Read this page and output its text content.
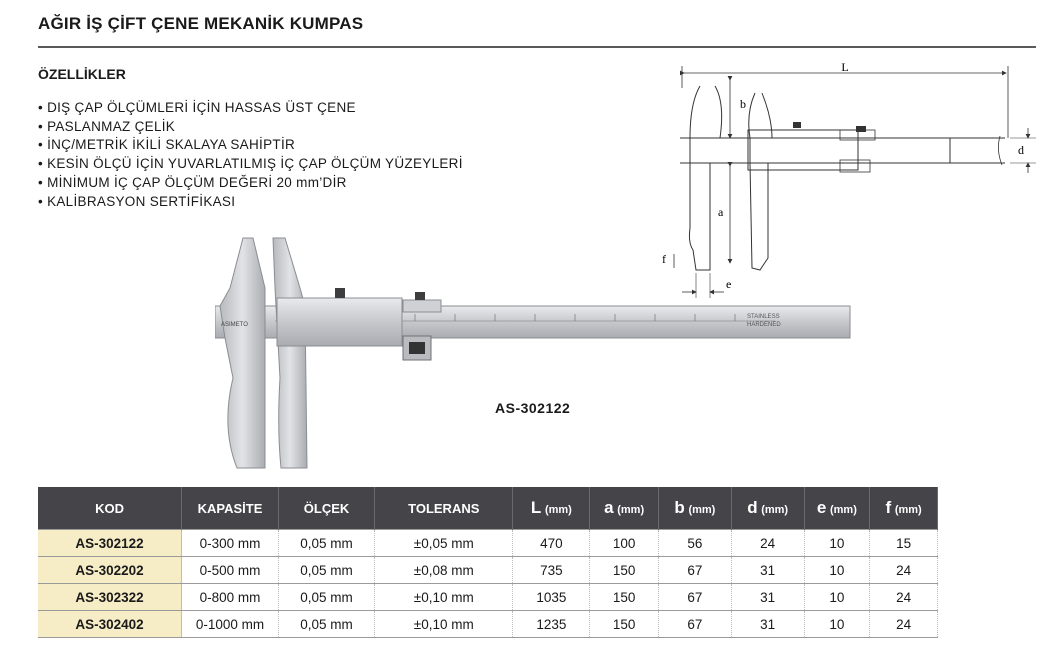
AĞIR İŞ ÇİFT ÇENE MEKANİK KUMPAS
ÖZELLİKLER
• DIŞ ÇAP ÖLÇÜMLERİ İÇİN HASSAS ÜST ÇENE
• PASLANMAZ ÇELİK
• İNÇ/METRİK İKİLİ SKALAYA SAHİPTİR
• KESİN ÖLÇÜ İÇİN YUVARLATILMIŞ İÇ ÇAP ÖLÇÜM YÜZEYLERİ
• MİNİMUM İÇ ÇAP ÖLÇÜM DEĞERİ 20 mm’DİR
• KALİBRASYON SERTİFİKASI
L
b
a
d
f
e
STAINLESS
HARDENED
ASIMETO
AS-302122
KOD	KAPASİTE	ÖLÇEK	TOLERANS	L (mm)	a (mm)	b (mm)	d (mm)	e (mm)	f (mm)
AS-302122	0-300 mm	0,05 mm	±0,05 mm	470	100	56	24	10	15
AS-302202	0-500 mm	0,05 mm	±0,08 mm	735	150	67	31	10	24
AS-302322	0-800 mm	0,05 mm	±0,10 mm	1035	150	67	31	10	24
AS-302402	0-1000 mm	0,05 mm	±0,10 mm	1235	150	67	31	10	24
